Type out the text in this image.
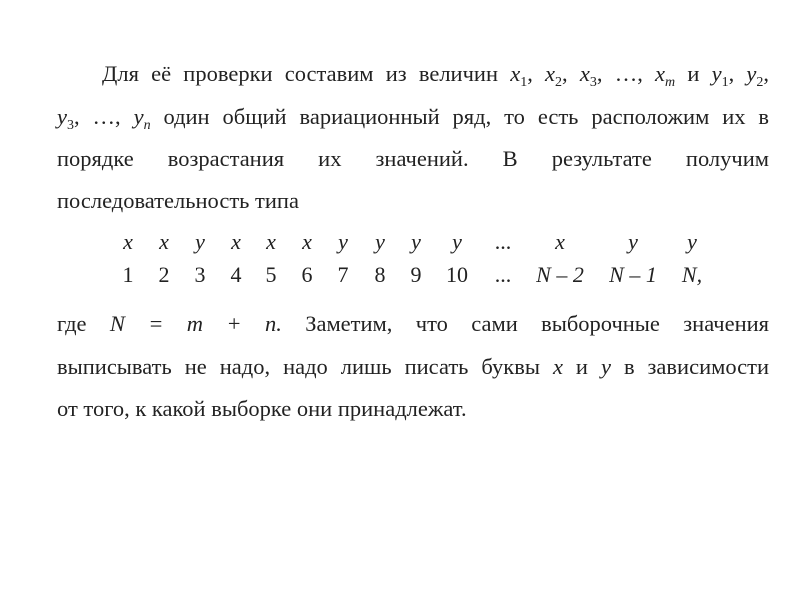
Для её проверки составим из величин $x_1$, $x_2$, $x_3$, …, $x_m$ и $y_1$, $y_2$,
$y_3$, …, $y_n$ один общий вариационный ряд, то есть расположим их в
порядке возрастания их значений. В результате получим
последовательность типа
x x y x x x y y y y ... x	y y
1 2 3 4 5 6 7 8 9 10 ... N – 2 N – 1 N,
где N = m + n. Заметим, что сами выборочные значения
выписывать не надо, надо лишь писать буквы x и y в зависимости
от того, к какой выборке они принадлежат.
